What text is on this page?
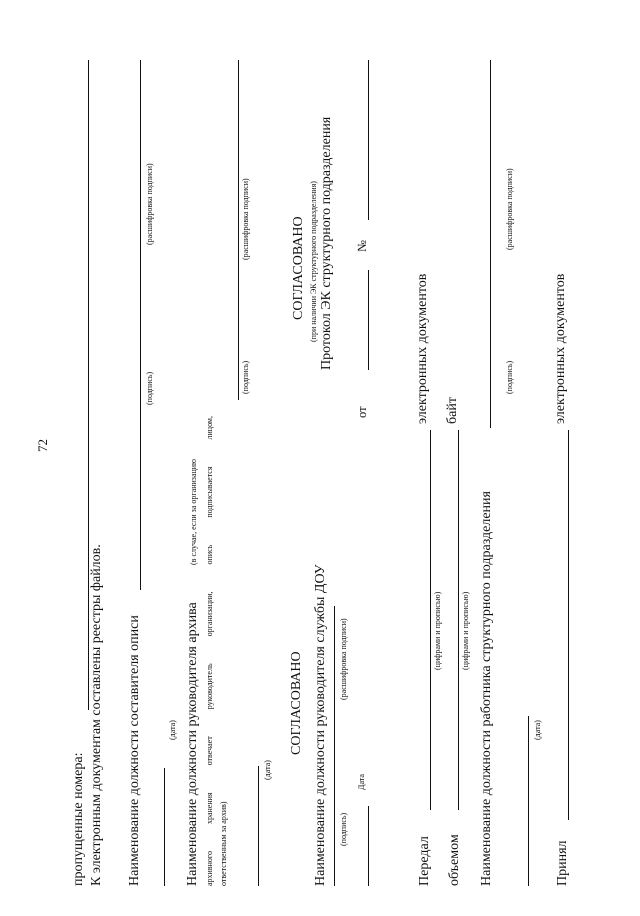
72
пропущенные номера: К электронным документам составлены реестры файлов. Наименование должности составителя описи
(подпись)
(расшифровка подписи)
(дата) Наименование должности руководителя архива
(в случае, если за организацию архивного хранения отвечает руководитель организации, опись подписывается лицом, ответственным за архив)
(подпись)
(расшифровка подписи)
(дата)
СОГЛАСОВАНО Наименование должности руководителя службы ДОУ (подпись)
(расшифровка подписи)
Дата
СОГЛАСОВАНО (при наличии ЭК структурного подразделения) Протокол ЭК структурного подразделения
от
№
Передал
(цифрами и прописью)
электронных документов
объемом
(цифрами и прописью)
байт
Наименование должности работника структурного подразделения
(подпись)
(расшифровка подписи)
(дата)
Принял
электронных документов
